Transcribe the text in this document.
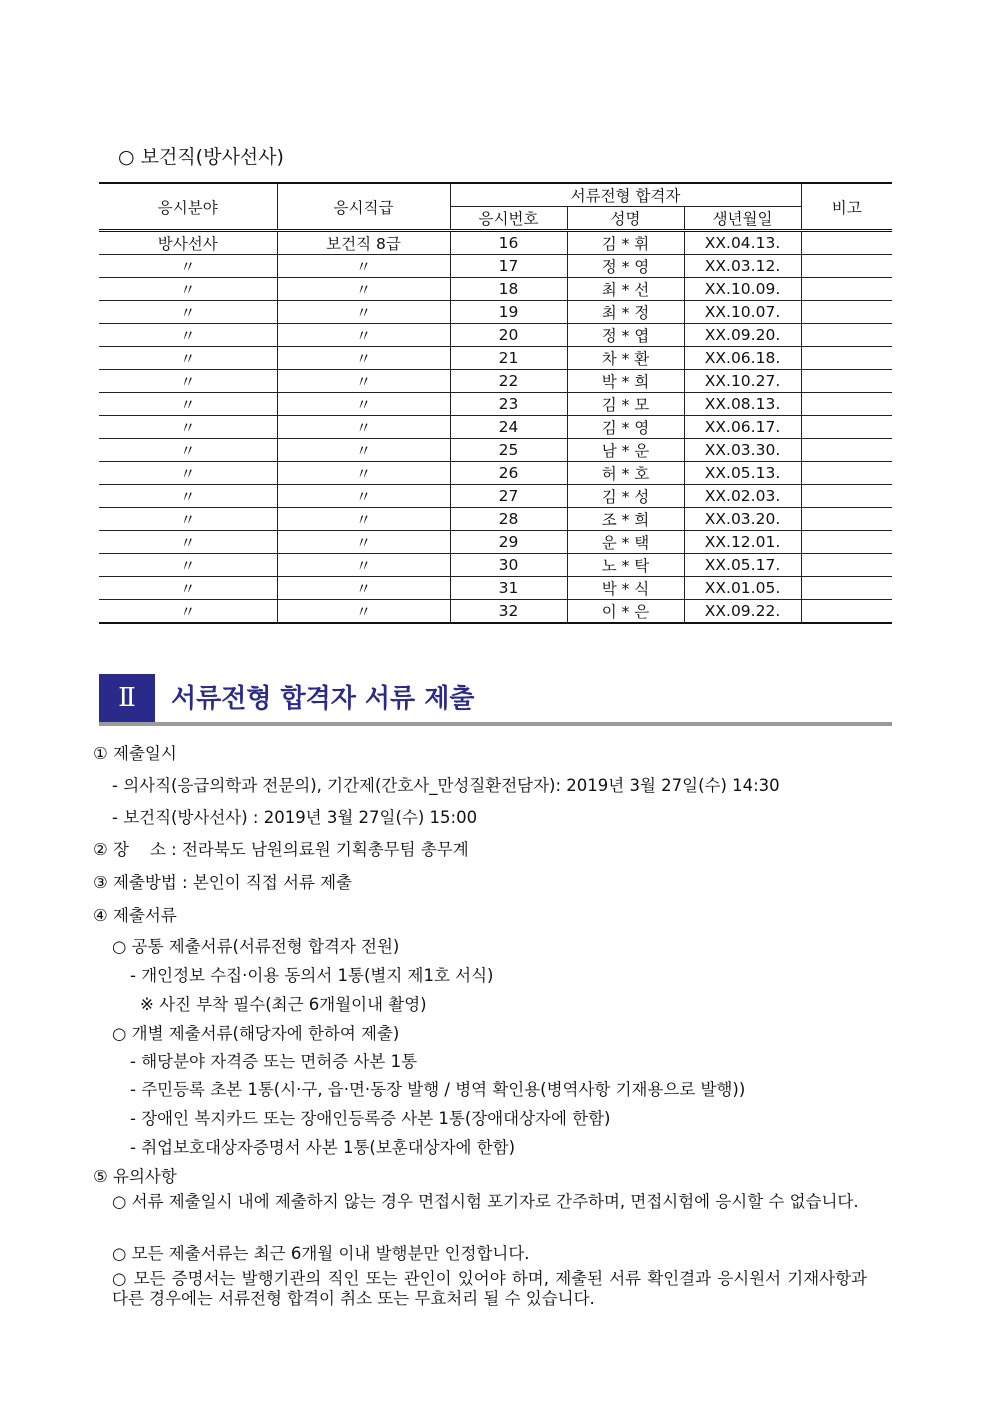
○ 보건직(방사선사)
응시분야	응시직급	서류전형 합격자			비고
		응시번호	성명	생년월일	
방사선사	보건직 8급	16	김 * 휘	XX.04.13.	
〃	〃	17	정 * 영	XX.03.12.	
〃	〃	18	최 * 선	XX.10.09.	
〃	〃	19	최 * 정	XX.10.07.	
〃	〃	20	정 * 엽	XX.09.20.	
〃	〃	21	차 * 환	XX.06.18.	
〃	〃	22	박 * 희	XX.10.27.	
〃	〃	23	김 * 모	XX.08.13.	
〃	〃	24	김 * 영	XX.06.17.	
〃	〃	25	남 * 운	XX.03.30.	
〃	〃	26	허 * 호	XX.05.13.	
〃	〃	27	김 * 성	XX.02.03.	
〃	〃	28	조 * 희	XX.03.20.	
〃	〃	29	운 * 택	XX.12.01.	
〃	〃	30	노 * 탁	XX.05.17.	
〃	〃	31	박 * 식	XX.01.05.	
〃	〃	32	이 * 은	XX.09.22.	
Ⅱ	서류전형 합격자 서류 제출
① 제출일시
- 의사직(응급의학과 전문의), 기간제(간호사_만성질환전담자): 2019년 3월 27일(수) 14:30
- 보건직(방사선사) : 2019년 3월 27일(수) 15:00
② 장    소 : 전라북도 남원의료원 기획총무팀 총무계
③ 제출방법 : 본인이 직접 서류 제출
④ 제출서류
○ 공통 제출서류(서류전형 합격자 전원)
- 개인정보 수집·이용 동의서 1통(별지 제1호 서식)
※ 사진 부착 필수(최근 6개월이내 촬영)
○ 개별 제출서류(해당자에 한하여 제출)
- 해당분야 자격증 또는 면허증 사본 1통
- 주민등록 초본 1통(시·구, 읍·면·동장 발행 / 병역 확인용(병역사항 기재용으로 발행))
- 장애인 복지카드 또는 장애인등록증 사본 1통(장애대상자에 한함)
- 취업보호대상자증명서 사본 1통(보훈대상자에 한함)
⑤ 유의사항
○ 서류 제출일시 내에 제출하지 않는 경우 면접시험 포기자로 간주하며, 면접시험에 응시할 수 없습니다.
○ 모든 제출서류는 최근 6개월 이내 발행분만 인정합니다.
○ 모든 증명서는 발행기관의 직인 또는 관인이 있어야 하며, 제출된 서류 확인결과 응시원서 기재사항과 다른 경우에는 서류전형 합격이 취소 또는 무효처리 될 수 있습니다.
